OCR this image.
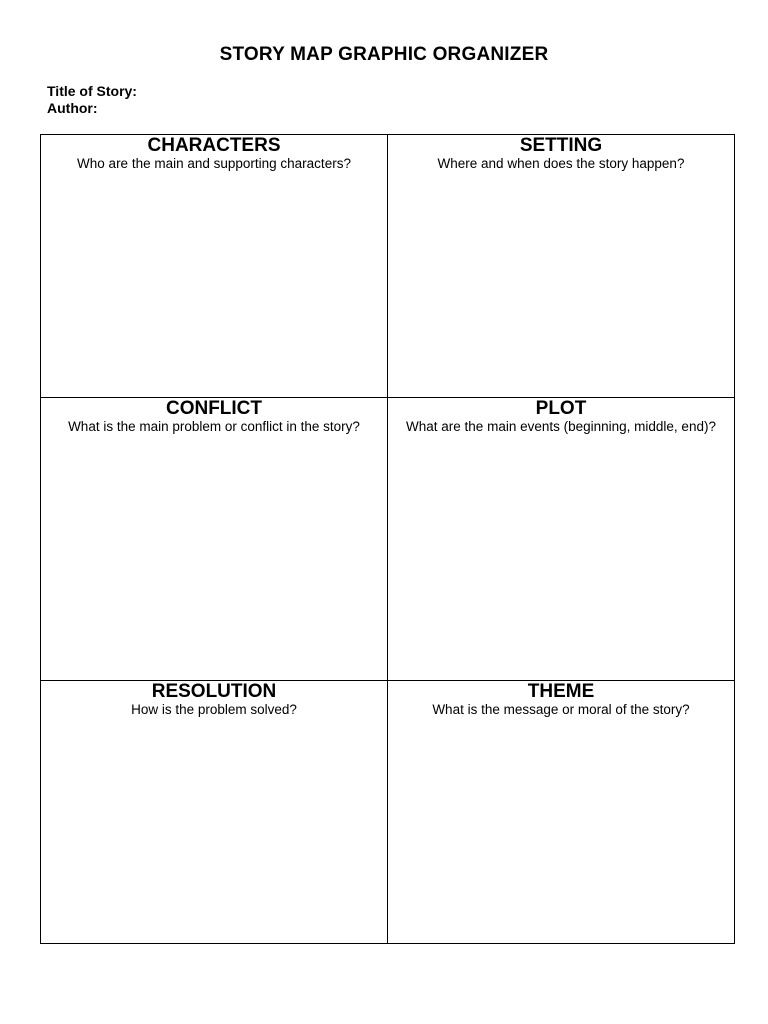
STORY MAP GRAPHIC ORGANIZER
Title of Story:
Author:
CHARACTERS
Who are the main and supporting characters?
SETTING
Where and when does the story happen?
CONFLICT
What is the main problem or conflict in the story?
PLOT
What are the main events (beginning, middle, end)?
RESOLUTION
How is the problem solved?
THEME
What is the message or moral of the story?
